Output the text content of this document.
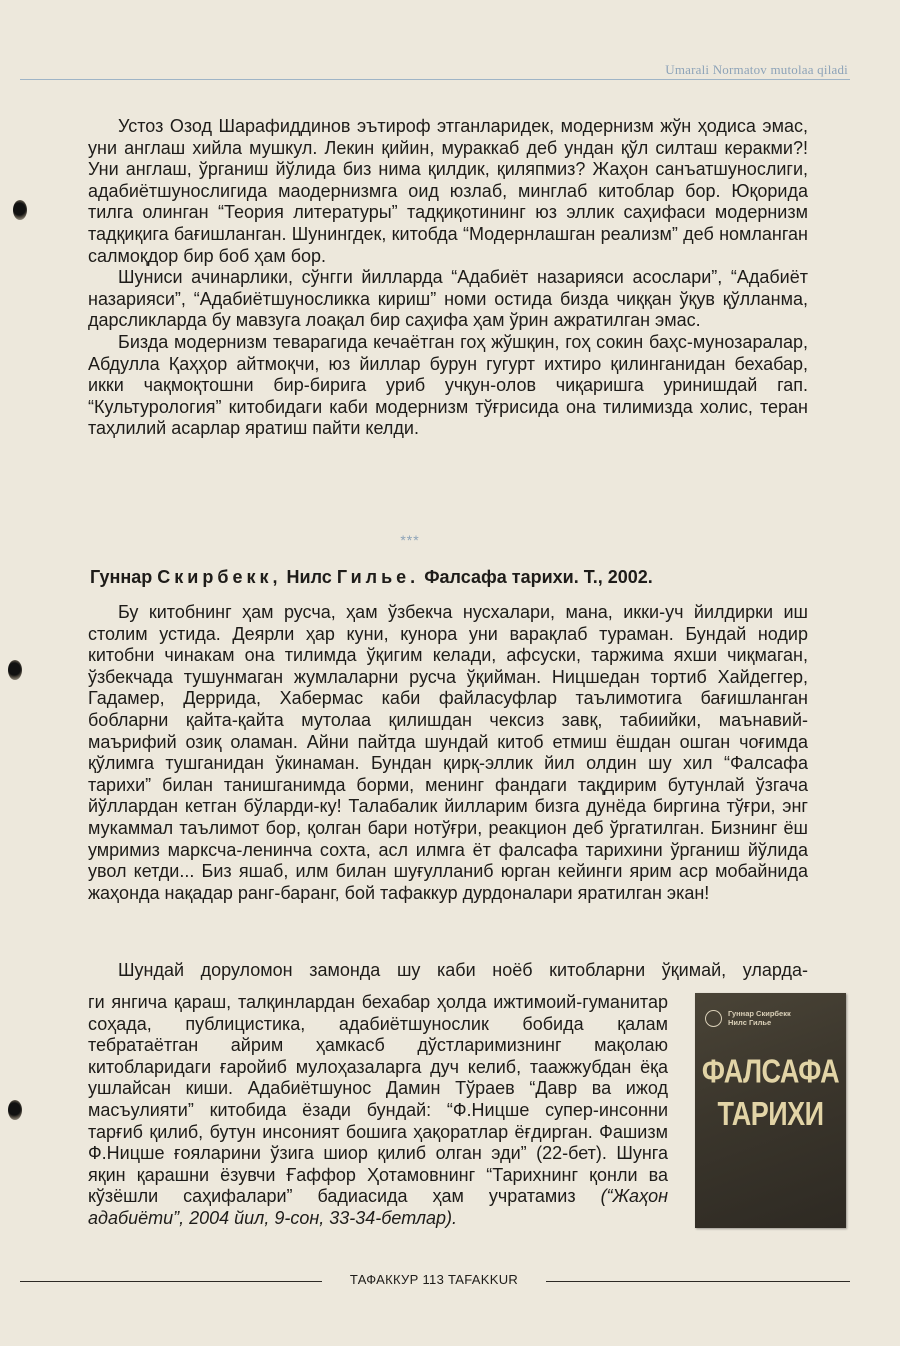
Umarali Normatov mutolaa qiladi

Устоз Озод Шарафиддинов эътироф этганларидек, модернизм жўн ҳодиса эмас, уни англаш хийла мушкул. Лекин қийин, мураккаб деб ундан қўл силташ керакми?! Уни англаш, ўрганиш йўлида биз нима қилдик, қиляпмиз? Жаҳон санъатшунослиги, адабиётшунослигида маодернизмга оид юзлаб, минглаб китоблар бор. Юқорида тилга олинган “Теория литературы” тадқиқотининг юз эллик саҳифаси модернизм тадқиқига бағишланган. Шунингдек, китобда “Модернлашган реализм” деб номланган салмоқдор бир боб ҳам бор.

Шуниси ачинарлики, сўнгги йилларда “Адабиёт назарияси асослари”, “Адабиёт назарияси”, “Адабиётшуносликка кириш” номи остида бизда чиққан ўқув қўлланма, дарсликларда бу мавзуга лоақал бир саҳифа ҳам ўрин ажратилган эмас.

Бизда модернизм теварагида кечаётган гоҳ жўшқин, гоҳ сокин баҳс-мунозаралар, Абдулла Қаҳҳор айтмоқчи, юз йиллар бурун гугурт ихтиро қилинганидан бехабар, икки чақмоқтошни бир-бирига уриб учқун-олов чиқаришга уринишдай гап. “Культурология” китобидаги каби модернизм тўғрисида она тилимизда холис, теран таҳлилий асарлар яратиш пайти келди.

***

Гуннар Скирбекк, Нилс Гилье. Фалсафа тарихи. Т., 2002.

Бу китобнинг ҳам русча, ҳам ўзбекча нусхалари, мана, икки-уч йилдирки иш столим устида. Деярли ҳар куни, кунора уни варақлаб тураман. Бундай нодир китобни чинакам она тилимда ўқигим келади, афсуски, таржима яхши чиқмаган, ўзбекчада тушунмаган жумлаларни русча ўқийман. Ницшедан тортиб Хайдеггер, Гадамер, Деррида, Хабермас каби файласуфлар таълимотига бағишланган бобларни қайта-қайта мутолаа қилишдан чексиз завқ, табиийки, маънавий-маърифий озиқ оламан. Айни пайтда шундай китоб етмиш ёшдан ошган чоғимда қўлимга тушганидан ўкинаман. Бундан қирқ-эллик йил олдин шу хил “Фалсафа тарихи” билан танишганимда борми, менинг фандаги тақдирим бутунлай ўзгача йўллардан кетган бўларди-ку! Талабалик йилларим бизга дунёда биргина тўғри, энг мукаммал таълимот бор, қолган бари нотўғри, реакцион деб ўргатилган. Бизнинг ёш умримиз марксча-ленинча сохта, асл илмга ёт фалсафа тарихини ўрганиш йўлида увол кетди... Биз яшаб, илм билан шуғулланиб юрган кейинги ярим аср мобайнида жаҳонда нақадар ранг-баранг, бой тафаккур дурдоналари яратилган экан!

Шундай доруломон замонда шу каби ноёб китобларни ўқимай, уларда-

ги янгича қараш, талқинлардан бехабар ҳолда ижтимоий-гуманитар соҳада, публицистика, адабиётшунослик бобида қалам тебратаётган айрим ҳамкасб дўстларимизнинг мақолаю китобларидаги ғаройиб мулоҳазаларга дуч келиб, таажжубдан ёқа ушлайсан киши. Адабиётшунос Дамин Тўраев “Давр ва ижод масъулияти” китобида ёзади бундай: “Ф.Ницше супер-инсонни тарғиб қилиб, бутун инсоният бошига ҳақоратлар ёғдирган. Фашизм Ф.Ницше ғояларини ўзига шиор қилиб олган эди” (22-бет). Шунга яқин қарашни ёзувчи Ғаффор Ҳотамовнинг “Тарихнинг қонли ва кўзёшли саҳифалари” бадиасида ҳам учратамиз (“Жаҳон адабиёти”, 2004 йил, 9-сон, 33-34-бетлар).

Гуннар Скирбекк
Нилс Гилье
ФАЛСАФА
ТАРИХИ
ТАФАККУР 113 TAFAKKUR
